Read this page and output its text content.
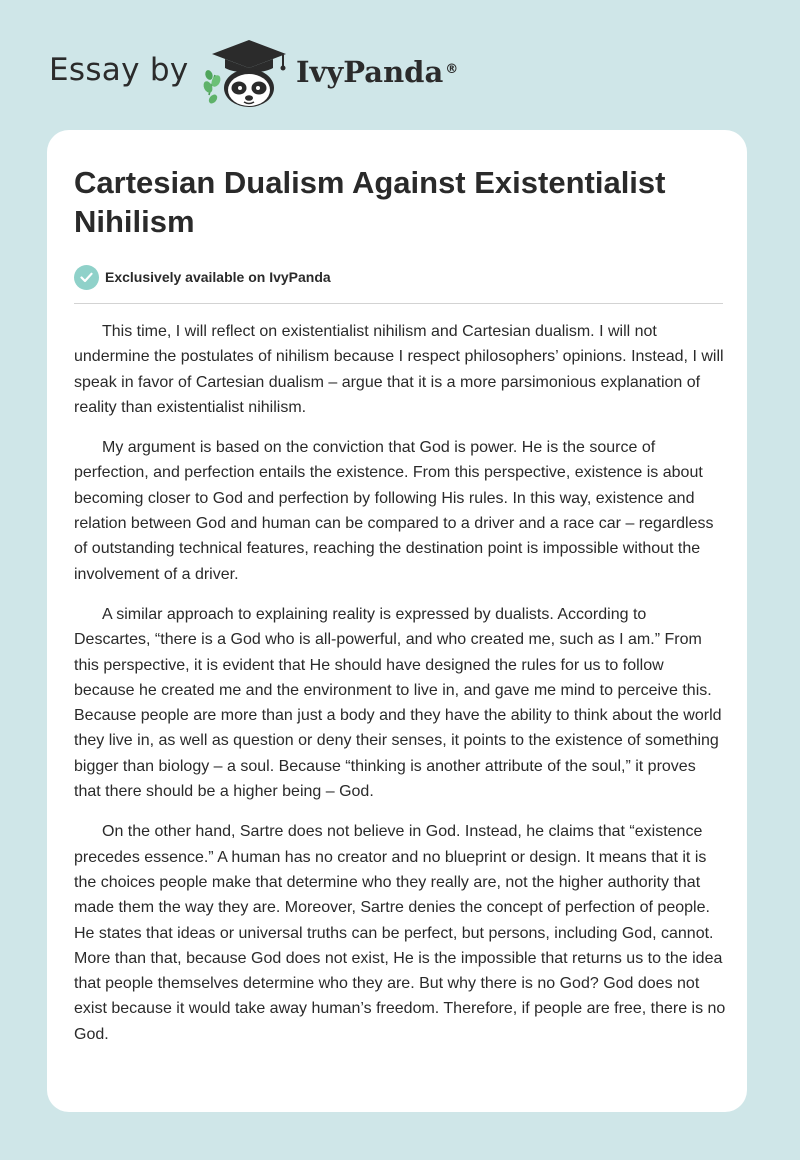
Essay by	IvyPanda ®
Cartesian Dualism Against Existentialist Nihilism
Exclusively available on IvyPanda

This time, I will reflect on existentialist nihilism and Cartesian dualism. I will not undermine the postulates of nihilism because I respect philosophers’ opinions. Instead, I will speak in favor of Cartesian dualism – argue that it is a more parsimonious explanation of reality than existentialist nihilism.

My argument is based on the conviction that God is power. He is the source of perfection, and perfection entails the existence. From this perspective, existence is about becoming closer to God and perfection by following His rules. In this way, existence and relation between God and human can be compared to a driver and a race car – regardless of outstanding technical features, reaching the destination point is impossible without the involvement of a driver.

A similar approach to explaining reality is expressed by dualists. According to Descartes, “there is a God who is all-powerful, and who created me, such as I am.” From this perspective, it is evident that He should have designed the rules for us to follow because he created me and the environment to live in, and gave me mind to perceive this. Because people are more than just a body and they have the ability to think about the world they live in, as well as question or deny their senses, it points to the existence of something bigger than biology – a soul. Because “thinking is another attribute of the soul,” it proves that there should be a higher being – God.

On the other hand, Sartre does not believe in God. Instead, he claims that “existence precedes essence.” A human has no creator and no blueprint or design. It means that it is the choices people make that determine who they really are, not the higher authority that made them the way they are. Moreover, Sartre denies the concept of perfection of people. He states that ideas or universal truths can be perfect, but persons, including God, cannot. More than that, because God does not exist, He is the impossible that returns us to the idea that people themselves determine who they are. But why there is no God? God does not exist because it would take away human’s freedom. Therefore, if people are free, there is no God.
